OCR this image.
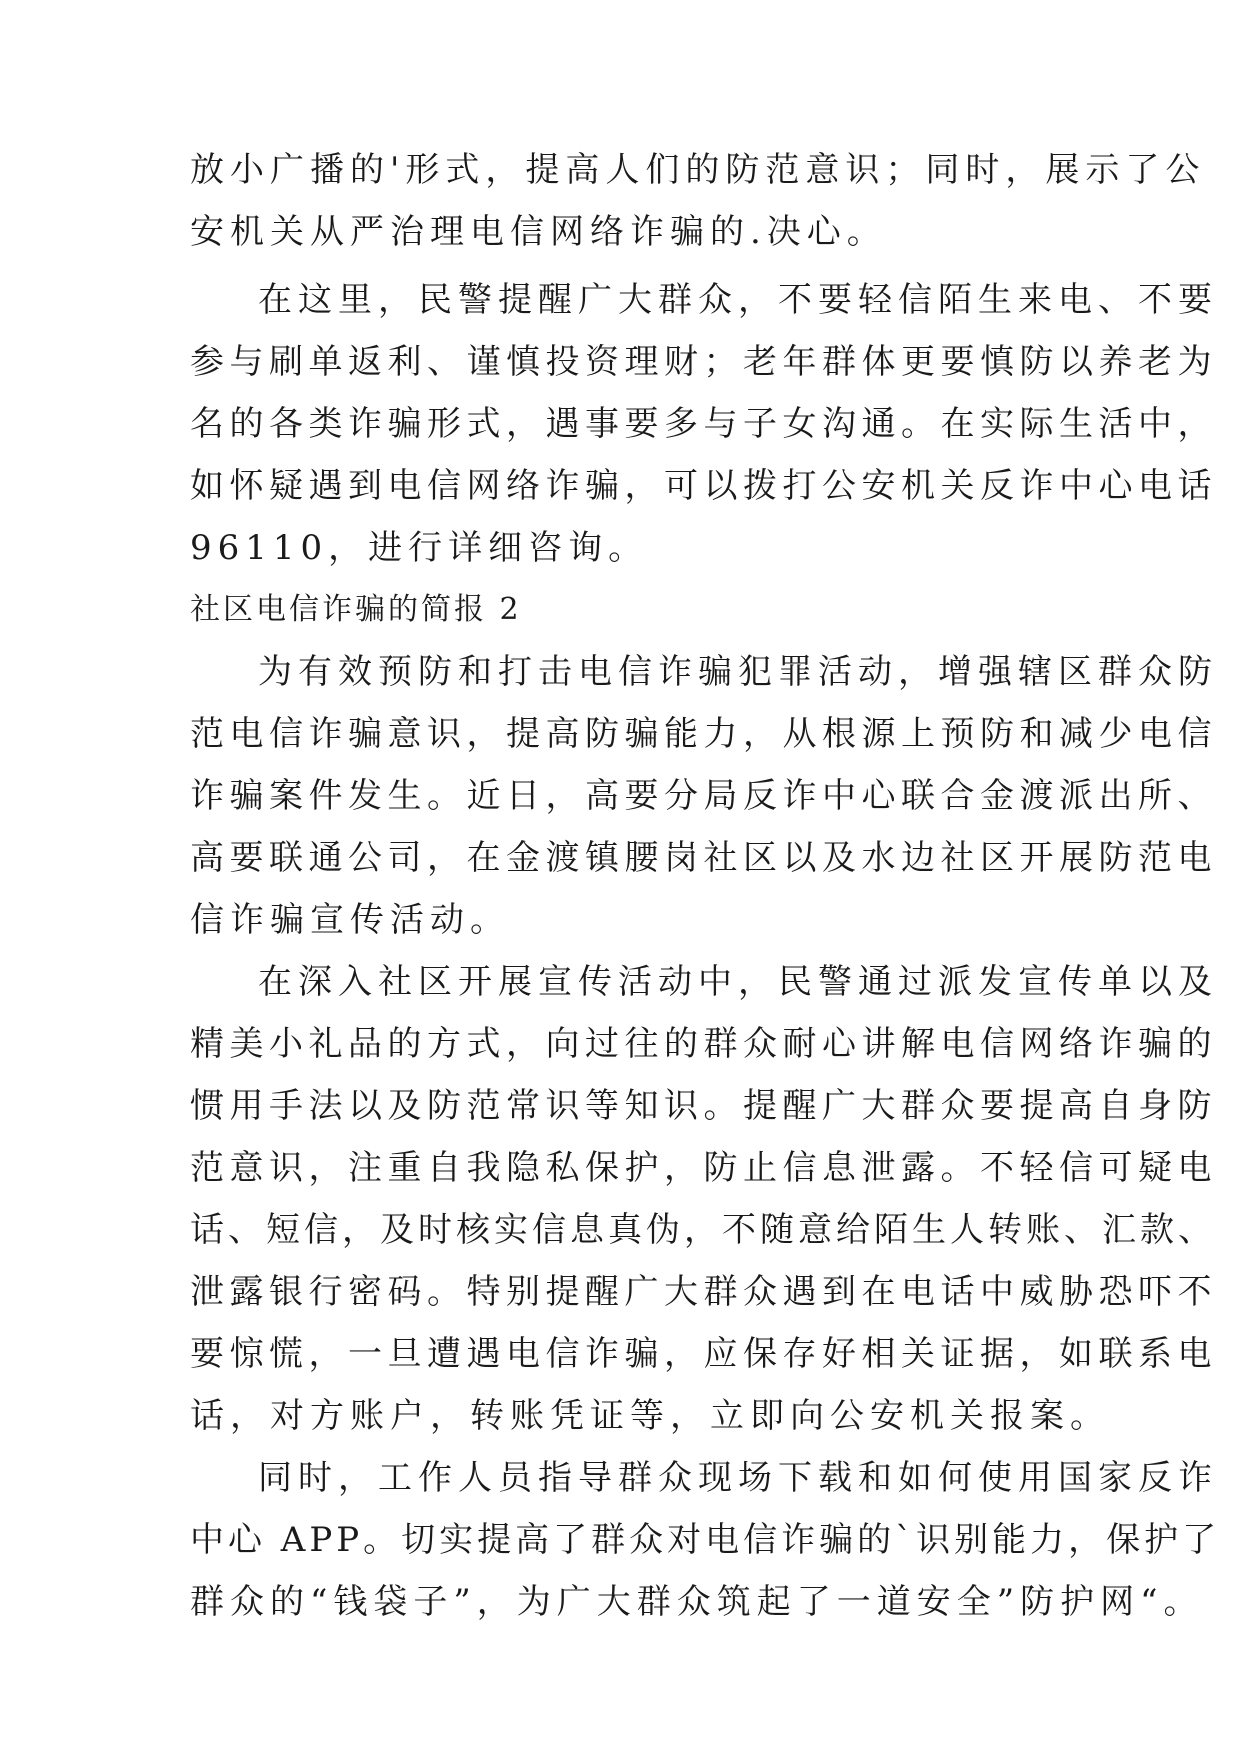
放小广播的'形式，提高人们的防范意识；同时，展示了公
安机关从严治理电信网络诈骗的.决心。
在这里，民警提醒广大群众，不要轻信陌生来电、不要
参与刷单返利、谨慎投资理财；老年群体更要慎防以养老为
名的各类诈骗形式，遇事要多与子女沟通。在实际生活中，
如怀疑遇到电信网络诈骗，可以拨打公安机关反诈中心电话
96110，进行详细咨询。
社区电信诈骗的简报 2
为有效预防和打击电信诈骗犯罪活动，增强辖区群众防
范电信诈骗意识，提高防骗能力，从根源上预防和减少电信
诈骗案件发生。近日，高要分局反诈中心联合金渡派出所、
高要联通公司，在金渡镇腰岗社区以及水边社区开展防范电
信诈骗宣传活动。
在深入社区开展宣传活动中，民警通过派发宣传单以及
精美小礼品的方式，向过往的群众耐心讲解电信网络诈骗的
惯用手法以及防范常识等知识。提醒广大群众要提高自身防
范意识，注重自我隐私保护，防止信息泄露。不轻信可疑电
话、短信，及时核实信息真伪，不随意给陌生人转账、汇款、
泄露银行密码。特别提醒广大群众遇到在电话中威胁恐吓不
要惊慌，一旦遭遇电信诈骗，应保存好相关证据，如联系电
话，对方账户，转账凭证等，立即向公安机关报案。
同时，工作人员指导群众现场下载和如何使用国家反诈
中心 APP。切实提高了群众对电信诈骗的`识别能力，保护了
群众的“钱袋子”，为广大群众筑起了一道安全”防护网“。
